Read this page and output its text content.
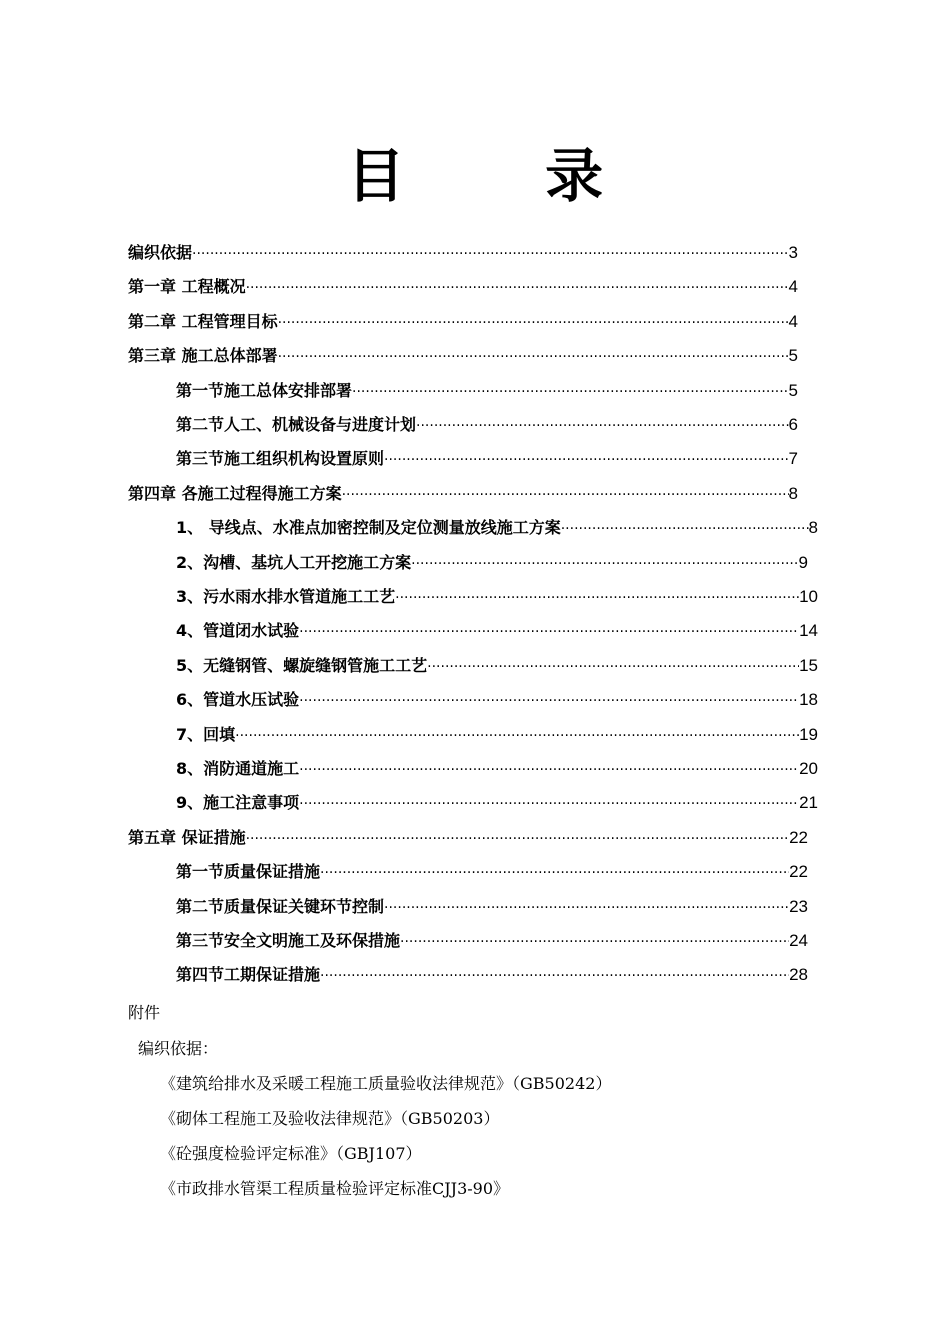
目 录
编织依据 ·····	3
第一章 工程概况 ·····	4
第二章 工程管理目标 ·····	4
第三章 施工总体部署 ·····	5
第一节施工总体安排部署 ·····	5
第二节人工、机械设备与进度计划 ·····	6
第三节施工组织机构设置原则 ·····	7
第四章 各施工过程得施工方案 ·····	8
1、 导线点、水准点加密控制及定位测量放线施工方案 ·····	8
2、沟槽、基坑人工开挖施工方案 ·····	9
3、污水雨水排水管道施工工艺 ·····	10
4、管道闭水试验 ·····	14
5、无缝钢管、螺旋缝钢管施工工艺 ·····	15
6、管道水压试验 ·····	18
7、回填 ·····	19
8、消防通道施工 ·····	20
9、施工注意事项 ·····	21
第五章 保证措施 ·····	22
第一节质量保证措施 ·····	22
第二节质量保证关键环节控制 ·····	23
第三节安全文明施工及环保措施 ·····	24
第四节工期保证措施 ·····	28
附件
编织依据：
《建筑给排水及采暖工程施工质量验收法律规范》（GB50242）
《砌体工程施工及验收法律规范》（GB50203）
《砼强度检验评定标准》（GBJ107）
《市政排水管渠工程质量检验评定标准CJJ3-90》
